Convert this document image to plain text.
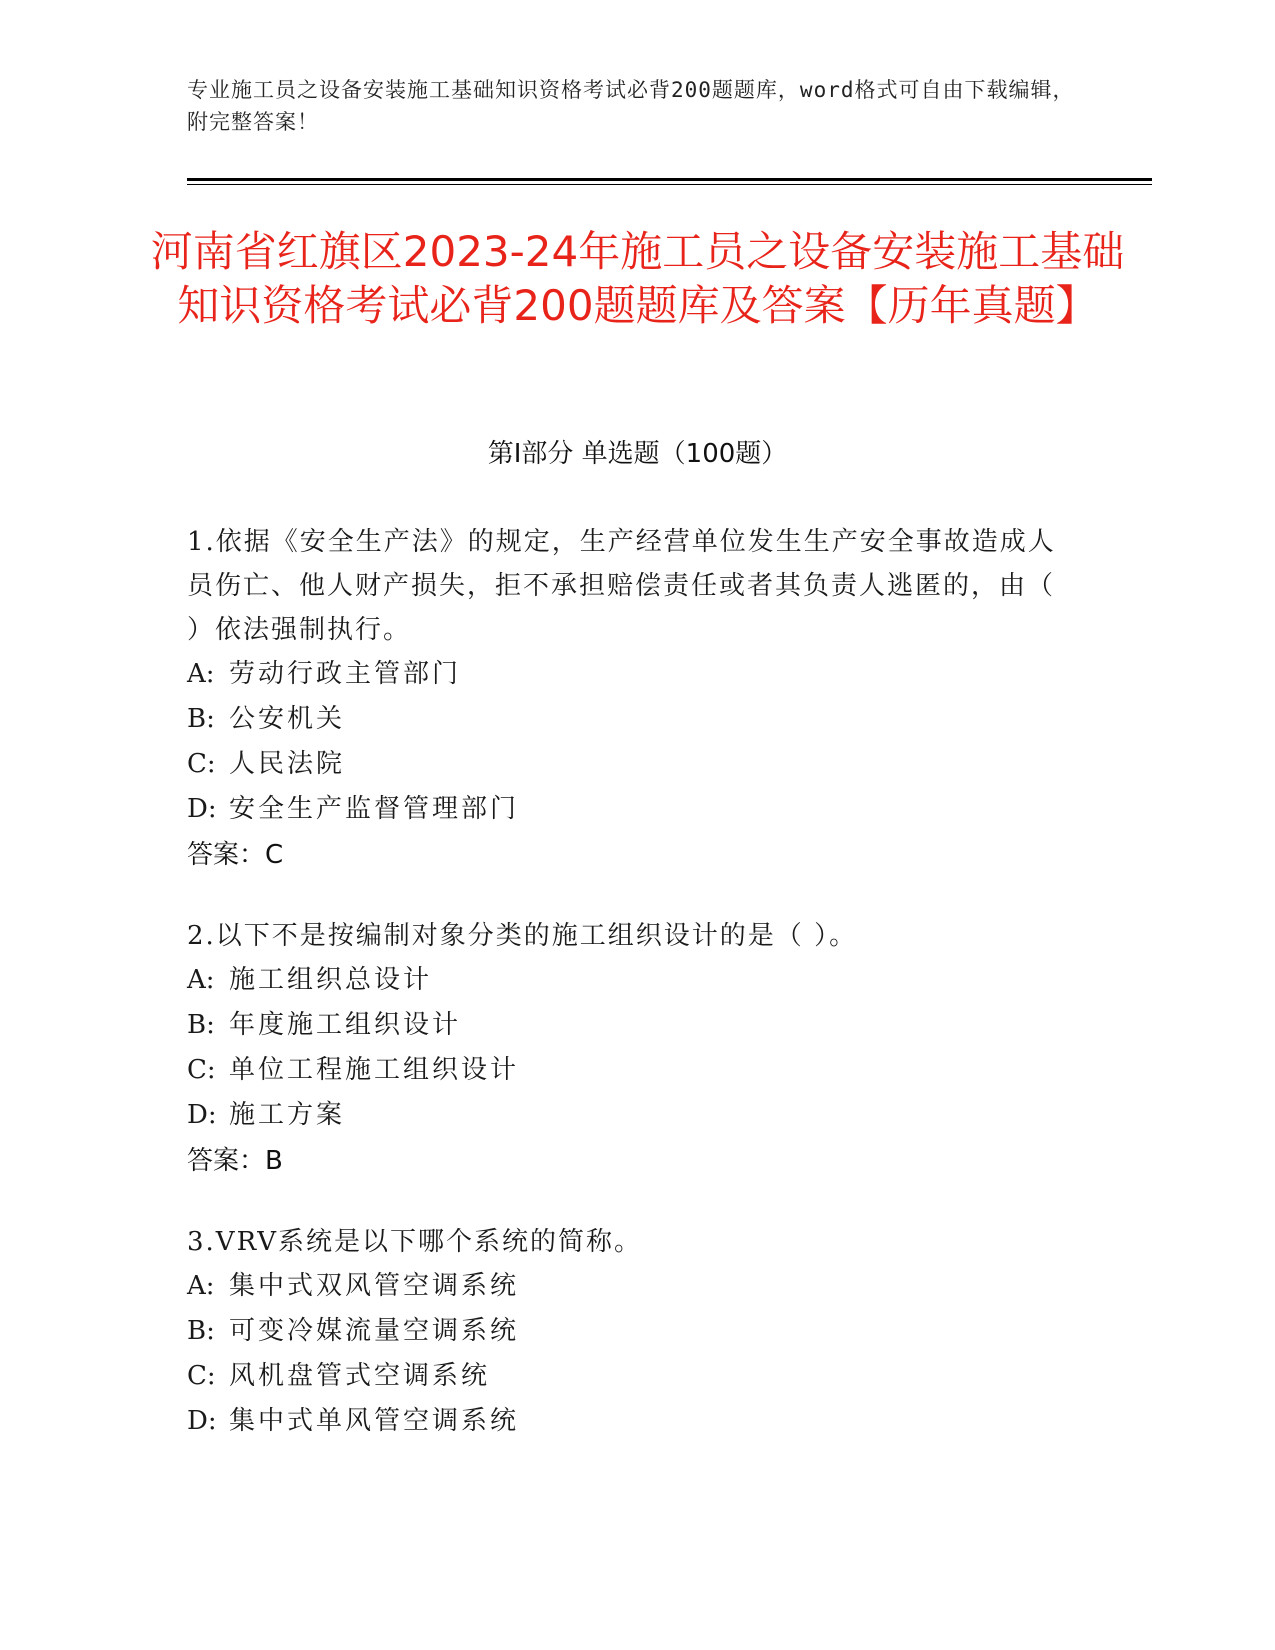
专业施工员之设备安装施工基础知识资格考试必背200题题库，word格式可自由下载编辑，附完整答案！
河南省红旗区2023-24年施工员之设备安装施工基础知识资格考试必背200题题库及答案【历年真题】
第Ⅰ部分 单选题（100题）
1.依据《安全生产法》的规定，生产经营单位发生生产安全事故造成人员伤亡、他人财产损失，拒不承担赔偿责任或者其负责人逃匿的，由（ ）依法强制执行。
A: 劳动行政主管部门
B: 公安机关
C: 人民法院
D: 安全生产监督管理部门
答案：C
2.以下不是按编制对象分类的施工组织设计的是（ ）。
A: 施工组织总设计
B: 年度施工组织设计
C: 单位工程施工组织设计
D: 施工方案
答案：B
3.VRV系统是以下哪个系统的简称。
A: 集中式双风管空调系统
B: 可变冷媒流量空调系统
C: 风机盘管式空调系统
D: 集中式单风管空调系统
